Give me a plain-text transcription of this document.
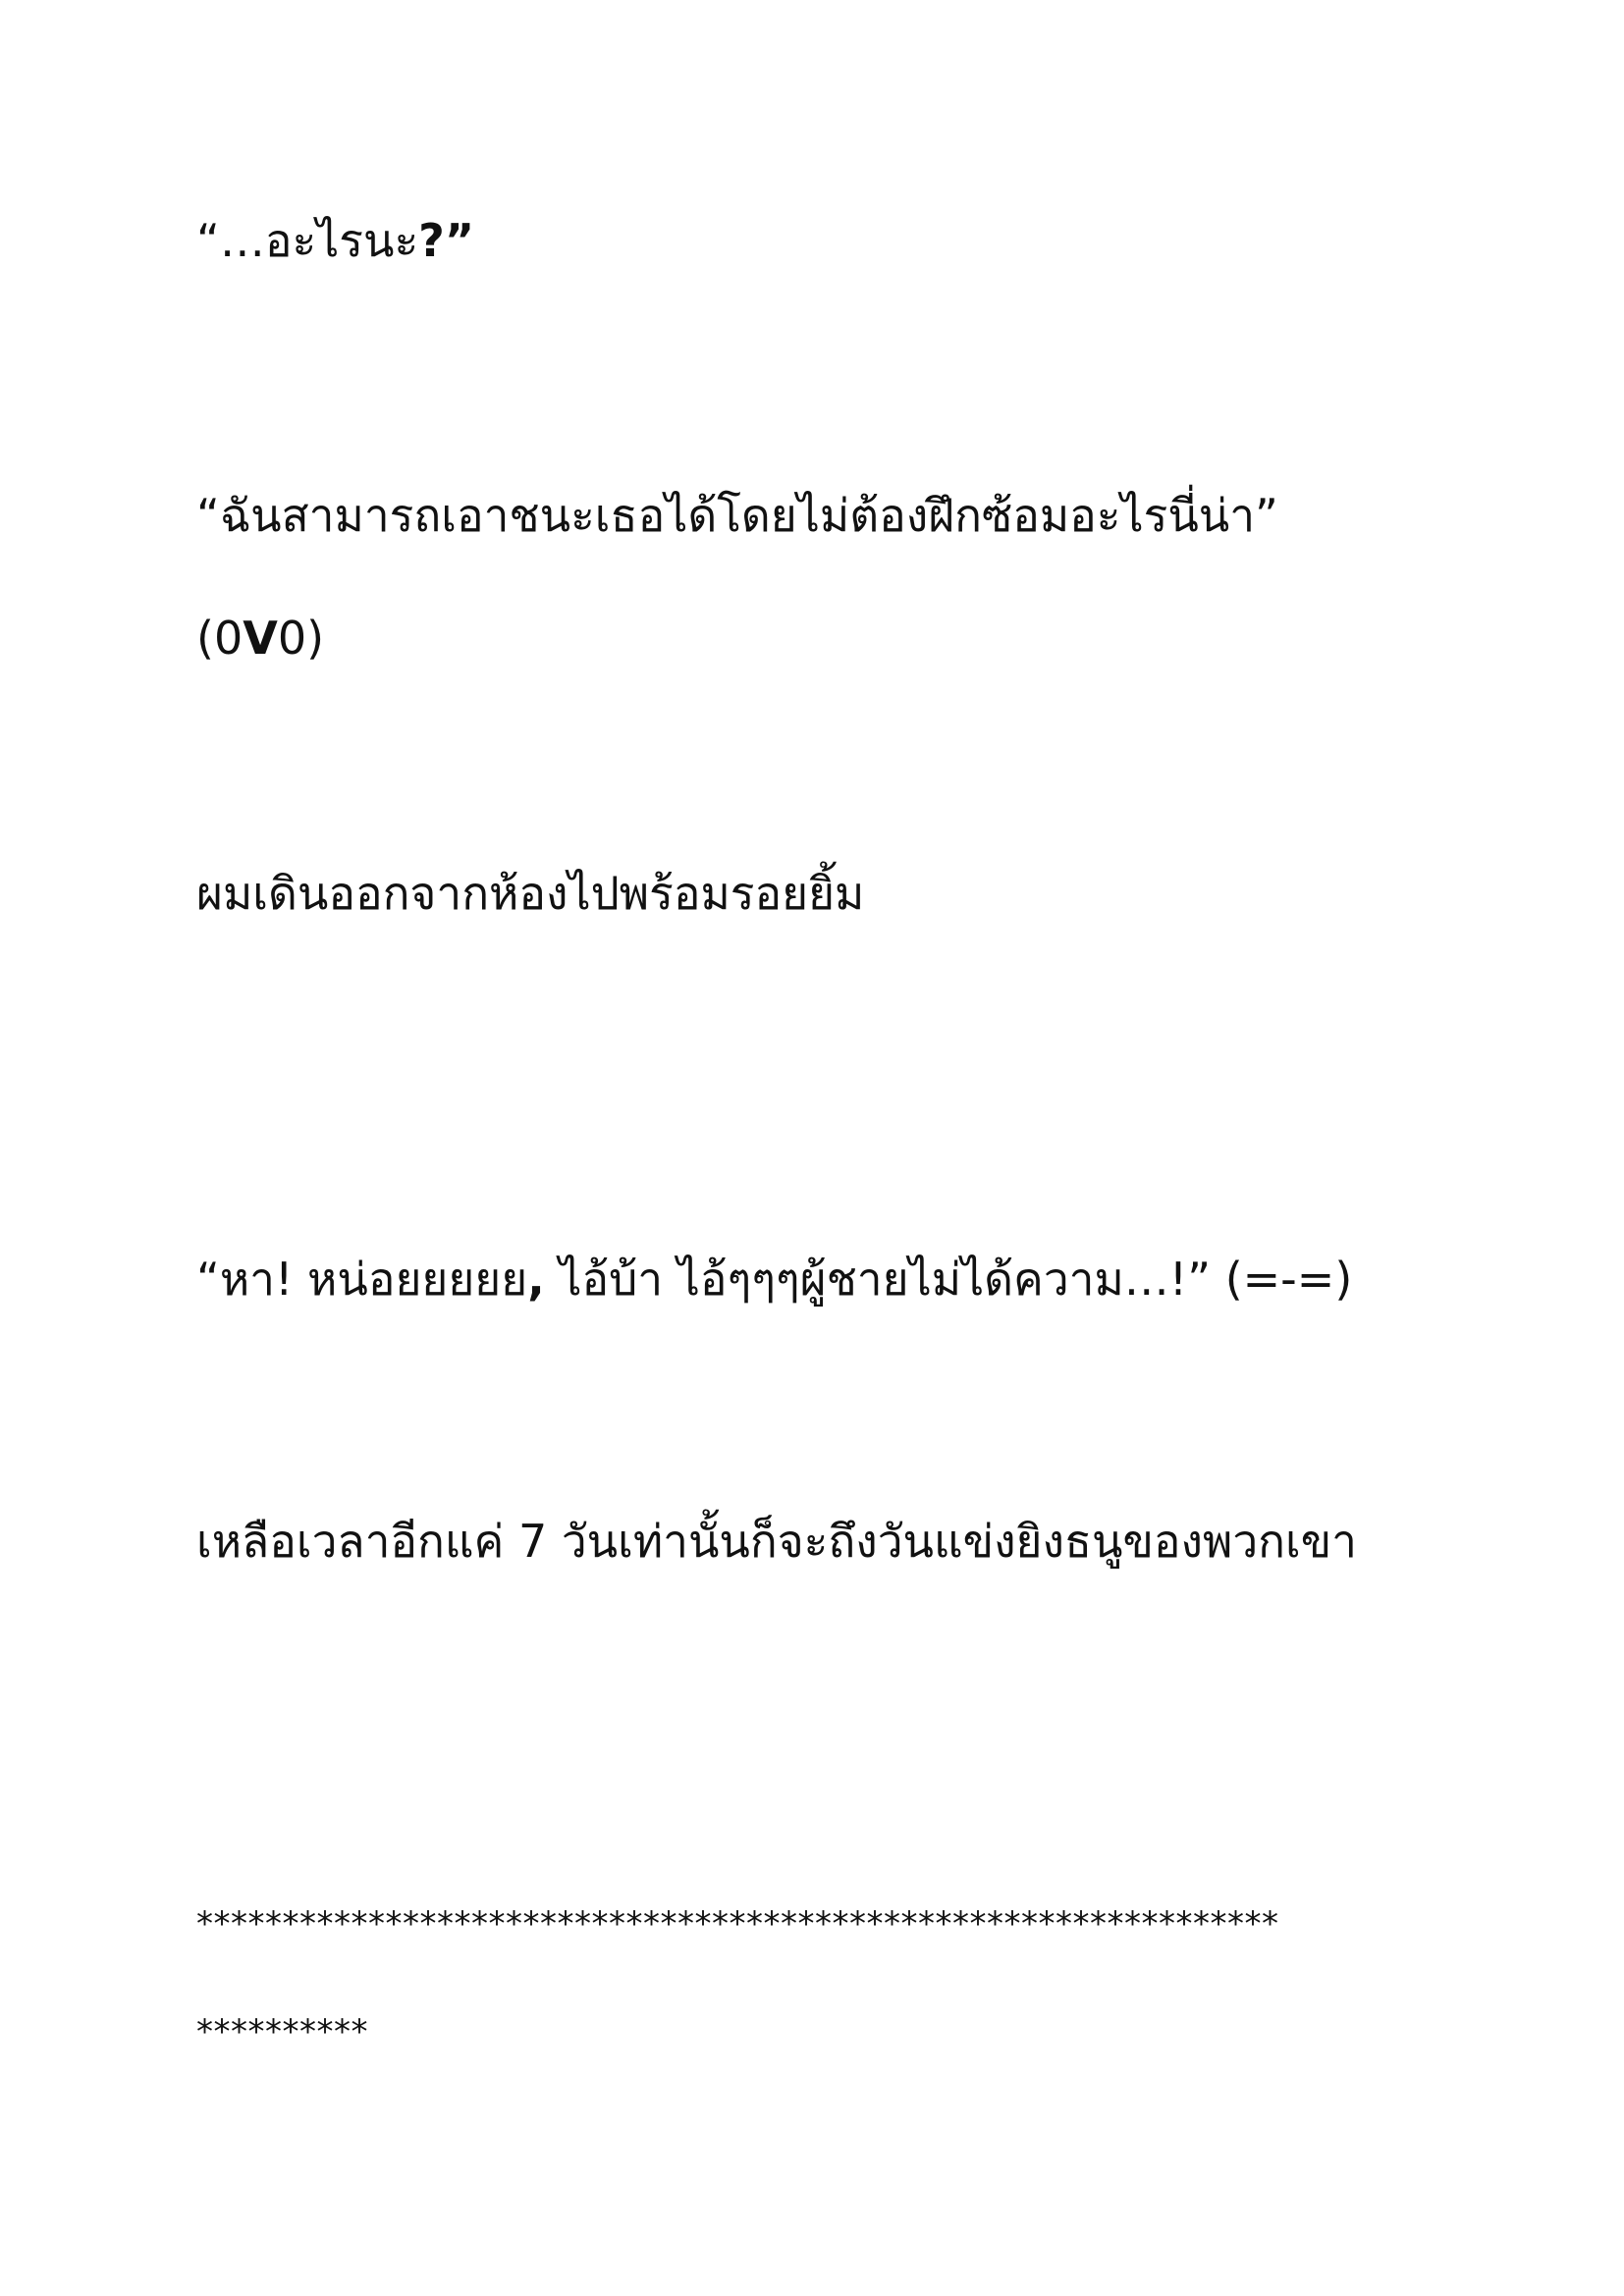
“…อะไรนะ?”

“ฉันสามารถเอาชนะเธอได้โดยไม่ต้องฝึกซ้อมอะไรนี่น่า”

(0V0)

ผมเดินออกจากห้องไปพร้อมรอยยิ้ม

“หา! หน่อยยยยย, ไอ้บ้า ไอ้ๆๆๆผู้ชายไม่ได้ความ…!” (=-=)

เหลือเวลาอีกแค่ 7 วันเท่านั้นก็จะถึงวันแข่งยิงธนูของพวกเขา

***************************************************************

**********
